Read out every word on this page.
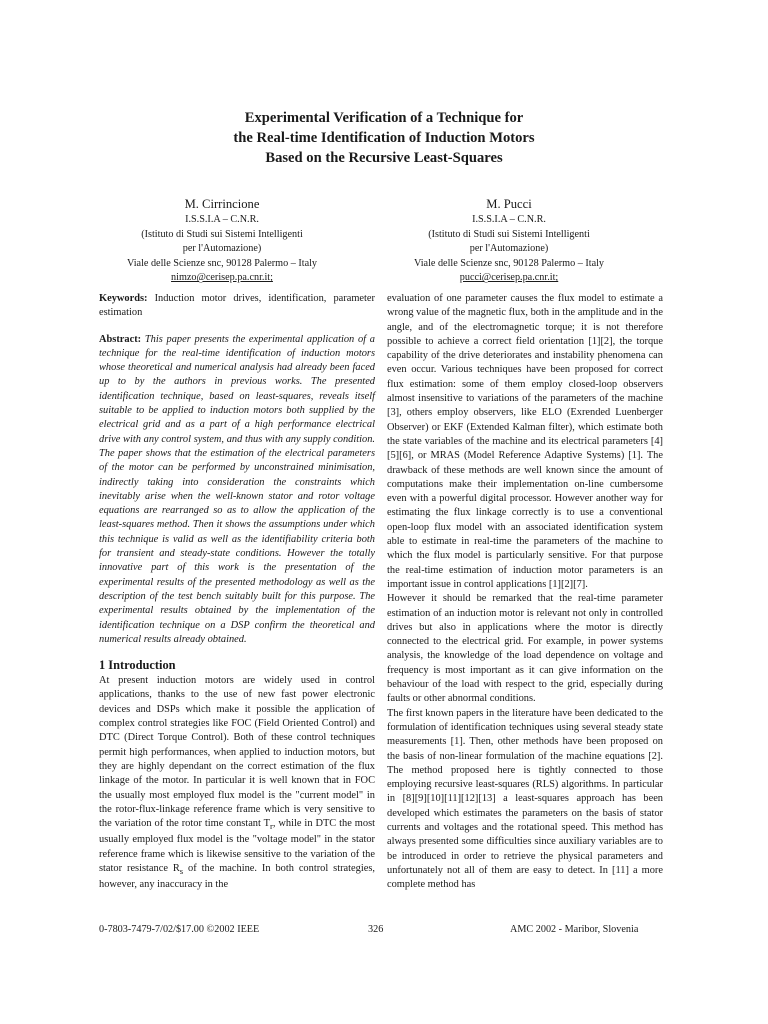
Experimental Verification of a Technique for
the Real-time Identification of Induction Motors
Based on the Recursive Least-Squares
M. Cirrincione
I.S.S.I.A – C.N.R.
(Istituto di Studi sui Sistemi Intelligenti
per l'Automazione)
Viale delle Scienze snc, 90128 Palermo – Italy
nimzo@cerisep.pa.cnr.it;
M. Pucci
I.S.S.I.A – C.N.R.
(Istituto di Studi sui Sistemi Intelligenti
per l'Automazione)
Viale delle Scienze snc, 90128 Palermo – Italy
pucci@cerisep.pa.cnr.it;

Keywords: Induction motor drives, identification, parameter estimation

Abstract: This paper presents the experimental application of a technique for the real-time identification of induction motors whose theoretical and numerical analysis had already been faced up to by the authors in previous works. The presented identification technique, based on least-squares, reveals itself suitable to be applied to induction motors both supplied by the electrical grid and as a part of a high performance electrical drive with any control system, and thus with any supply condition. The paper shows that the estimation of the electrical parameters of the motor can be performed by unconstrained minimisation, indirectly taking into consideration the constraints which inevitably arise when the well-known stator and rotor voltage equations are rearranged so as to allow the application of the least-squares method. Then it shows the assumptions under which this technique is valid as well as the identifiability criteria both for transient and steady-state conditions. However the totally innovative part of this work is the presentation of the experimental results of the presented methodology as well as the description of the test bench suitably built for this purpose. The experimental results obtained by the implementation of the identification technique on a DSP confirm the theoretical and numerical results already obtained.

1 Introduction

At present induction motors are widely used in control applications, thanks to the use of new fast power electronic devices and DSPs which make it possible the application of complex control strategies like FOC (Field Oriented Control) and DTC (Direct Torque Control). Both of these control techniques permit high performances, when applied to induction motors, but they are highly dependant on the correct estimation of the flux linkage of the motor. In particular it is well known that in FOC the usually most employed flux model is the "current model" in the rotor-flux-linkage reference frame which is very sensitive to the variation of the rotor time constant $T_r$, while in DTC the most usually employed flux model is the "voltage model" in the stator reference frame which is likewise sensitive to the variation of the stator resistance $R_s$ of the machine. In both control strategies, however, any inaccuracy in the

evaluation of one parameter causes the flux model to estimate a wrong value of the magnetic flux, both in the amplitude and in the angle, and of the electromagnetic torque; it is not therefore possible to achieve a correct field orientation [1][2], the torque capability of the drive deteriorates and instability phenomena can even occur. Various techniques have been proposed for correct flux estimation: some of them employ closed-loop observers almost insensitive to variations of the parameters of the machine [3], others employ observers, like ELO (Exrended Luenberger Observer) or EKF (Extended Kalman filter), which estimate both the state variables of the machine and its electrical parameters [4][5][6], or MRAS (Model Reference Adaptive Systems) [1]. The drawback of these methods are well known since the amount of computations make their implementation on-line cumbersome even with a powerful digital processor. However another way for estimating the flux linkage correctly is to use a conventional open-loop flux model with an associated identification system able to estimate in real-time the parameters of the machine to which the flux model is particularly sensitive. For that purpose the real-time estimation of induction motor parameters is an important issue in control applications [1][2][7].

However it should be remarked that the real-time parameter estimation of an induction motor is relevant not only in controlled drives but also in applications where the motor is directly connected to the electrical grid. For example, in power systems analysis, the knowledge of the load dependence on voltage and frequency is most important as it can give information on the behaviour of the load with respect to the grid, especially during faults or other abnormal conditions.

The first known papers in the literature have been dedicated to the formulation of identification techniques using several steady state measurements [1]. Then, other methods have been proposed on the basis of non-linear formulation of the machine equations [2]. The method proposed here is tightly connected to those employing recursive least-squares (RLS) algorithms. In particular in [8][9][10][11][12][13] a least-squares approach has been developed which estimates the parameters on the basis of stator currents and voltages and the rotational speed. This method has always presented some difficulties since auxiliary variables are to be introduced in order to retrieve the physical parameters and unfortunately not all of them are easy to detect. In [11] a more complete method has

0-7803-7479-7/02/$17.00 ©2002 IEEE	326	AMC 2002 - Maribor, Slovenia
